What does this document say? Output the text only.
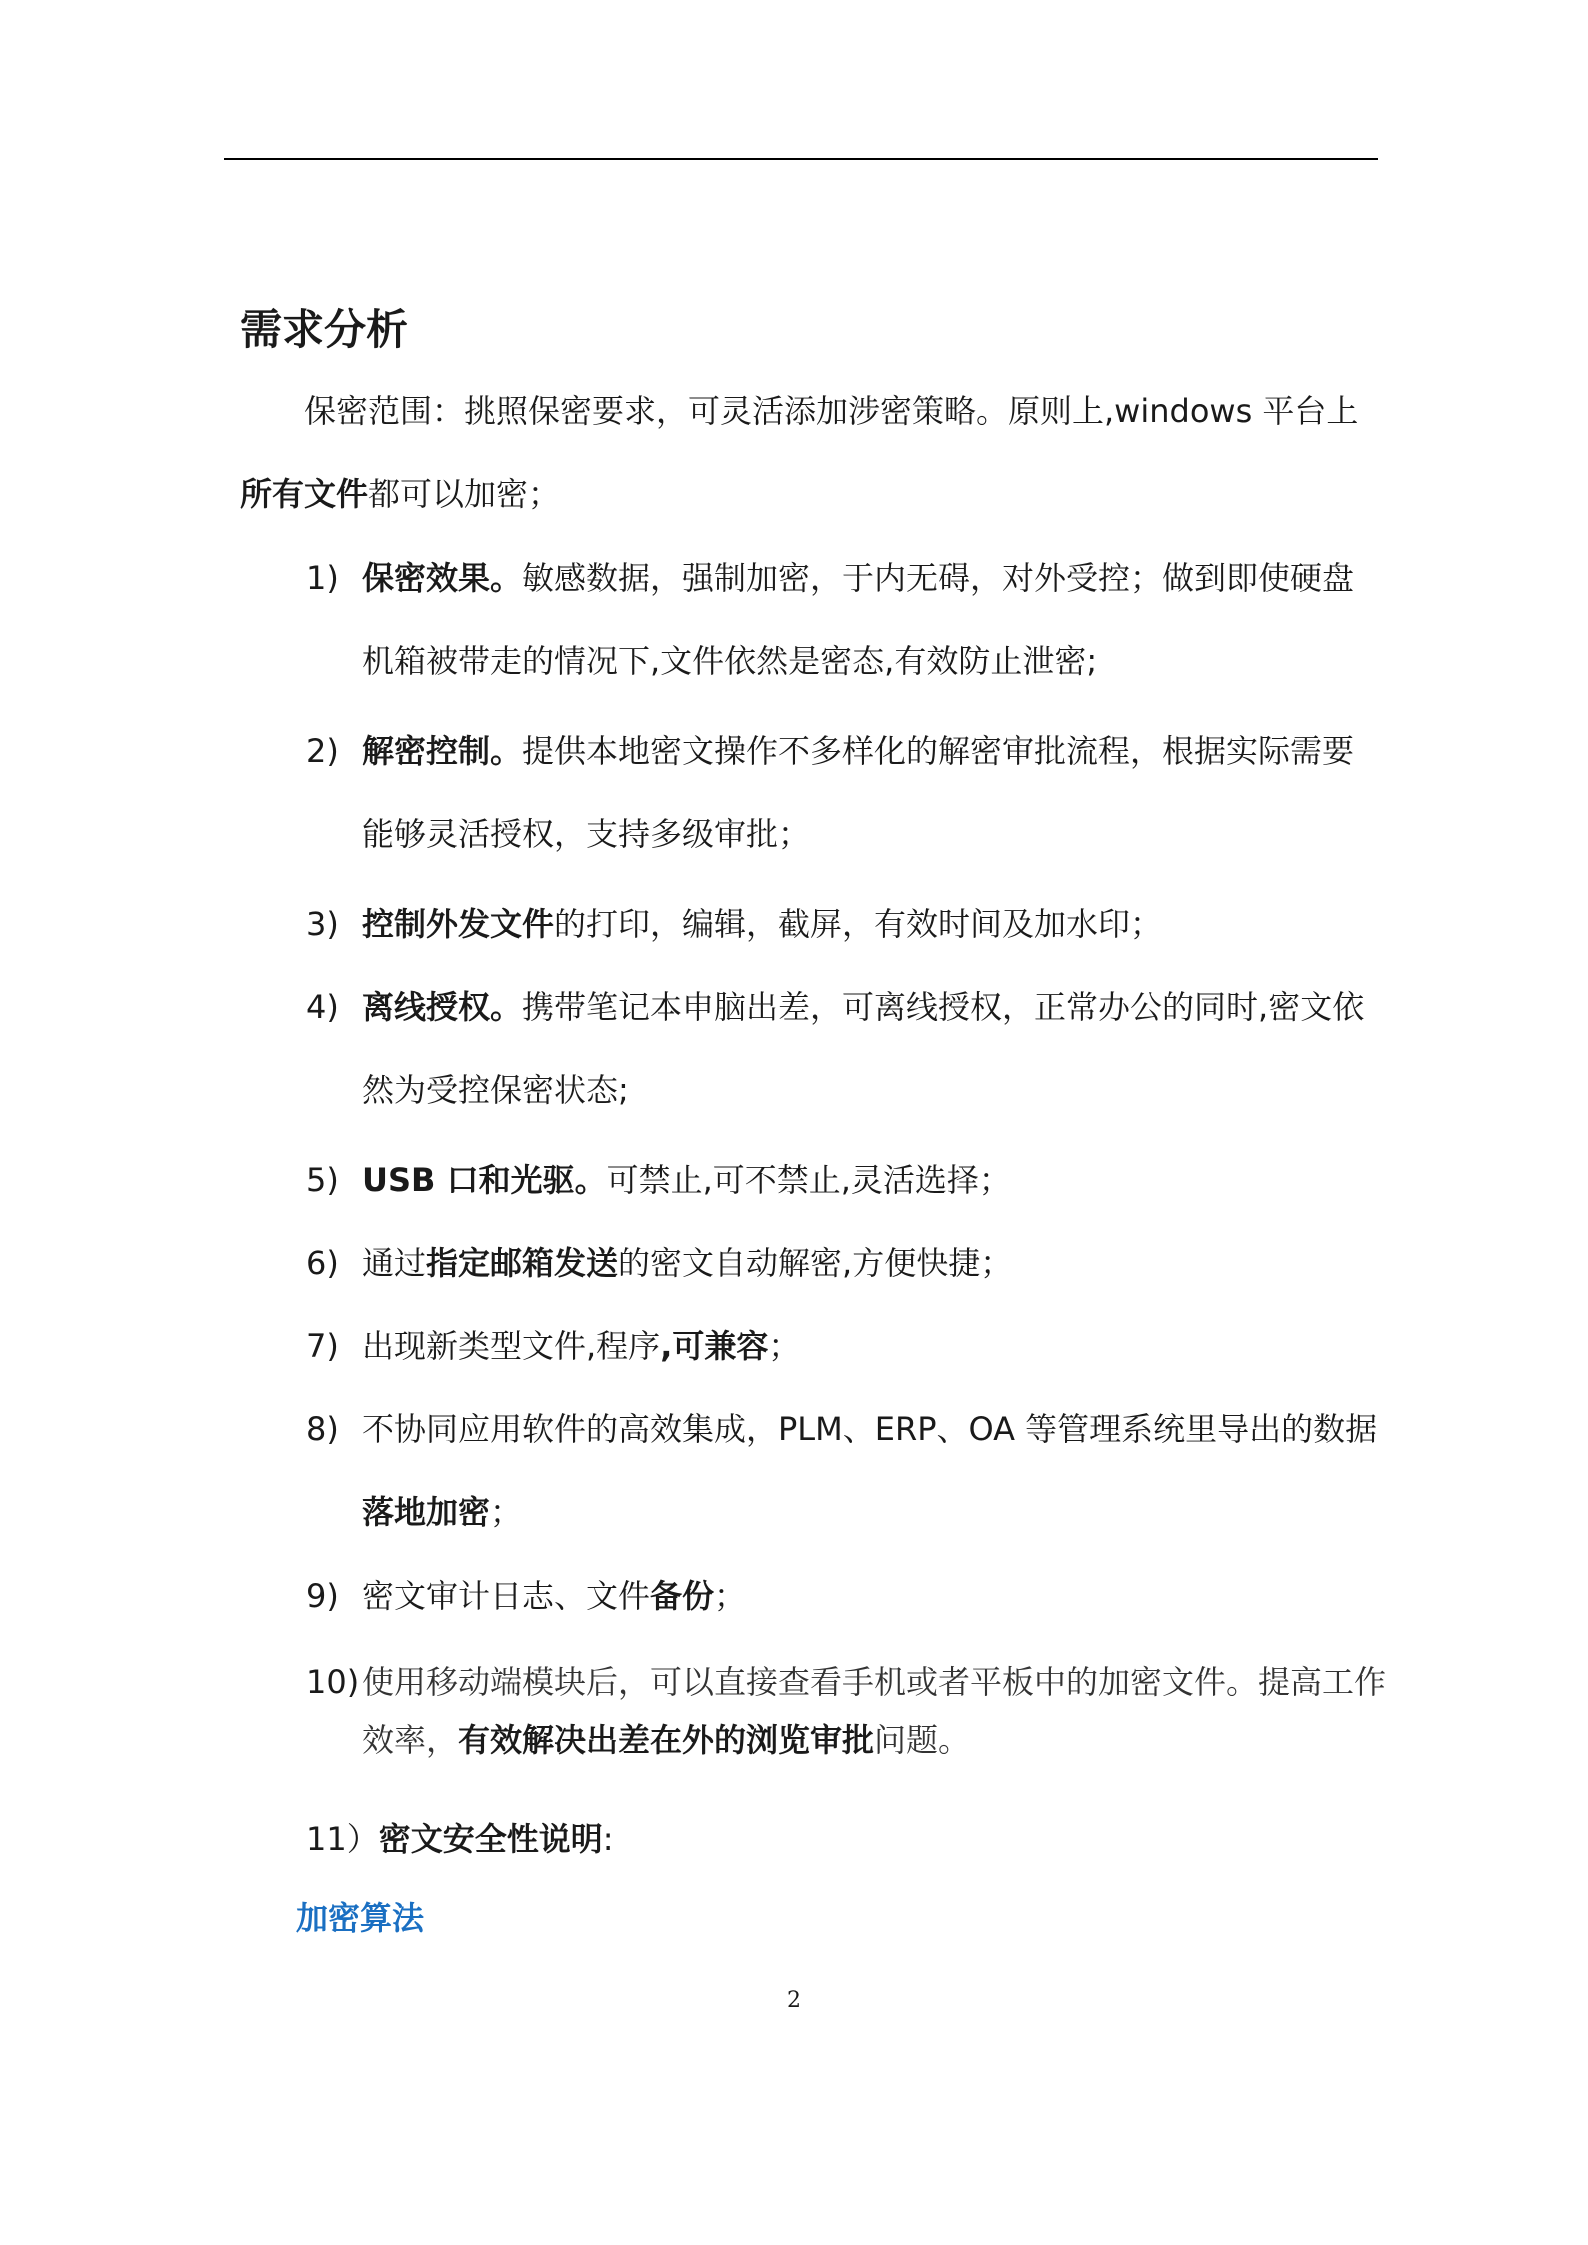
需求分析
保密范围：挑照保密要求，可灵活添加涉密策略。原则上,windows 平台上
所有文件都可以加密；
1) 保密效果。敏感数据，强制加密，于内无碍，对外受控；做到即使硬盘机箱被带走的情况下,文件依然是密态,有效防止泄密;
2) 解密控制。提供本地密文操作不多样化的解密审批流程，根据实际需要能够灵活授权，支持多级审批；
3) 控制外发文件的打印，编辑，截屏，有效时间及加水印；
4) 离线授权。携带笔记本申脑出差，可离线授权，正常办公的同时,密文依然为受控保密状态;
5) USB 口和光驱。可禁止,可不禁止,灵活选择；
6) 通过指定邮箱发送的密文自动解密,方便快捷；
7) 出现新类型文件,程序,可兼容；
8) 不协同应用软件的高效集成，PLM、ERP、OA 等管理系统里导出的数据落地加密；
9) 密文审计日志、文件备份；
10) 使用移动端模块后，可以直接查看手机或者平板中的加密文件。提高工作效率，有效解决出差在外的浏览审批问题。
11）密文安全性说明:
加密算法
2
